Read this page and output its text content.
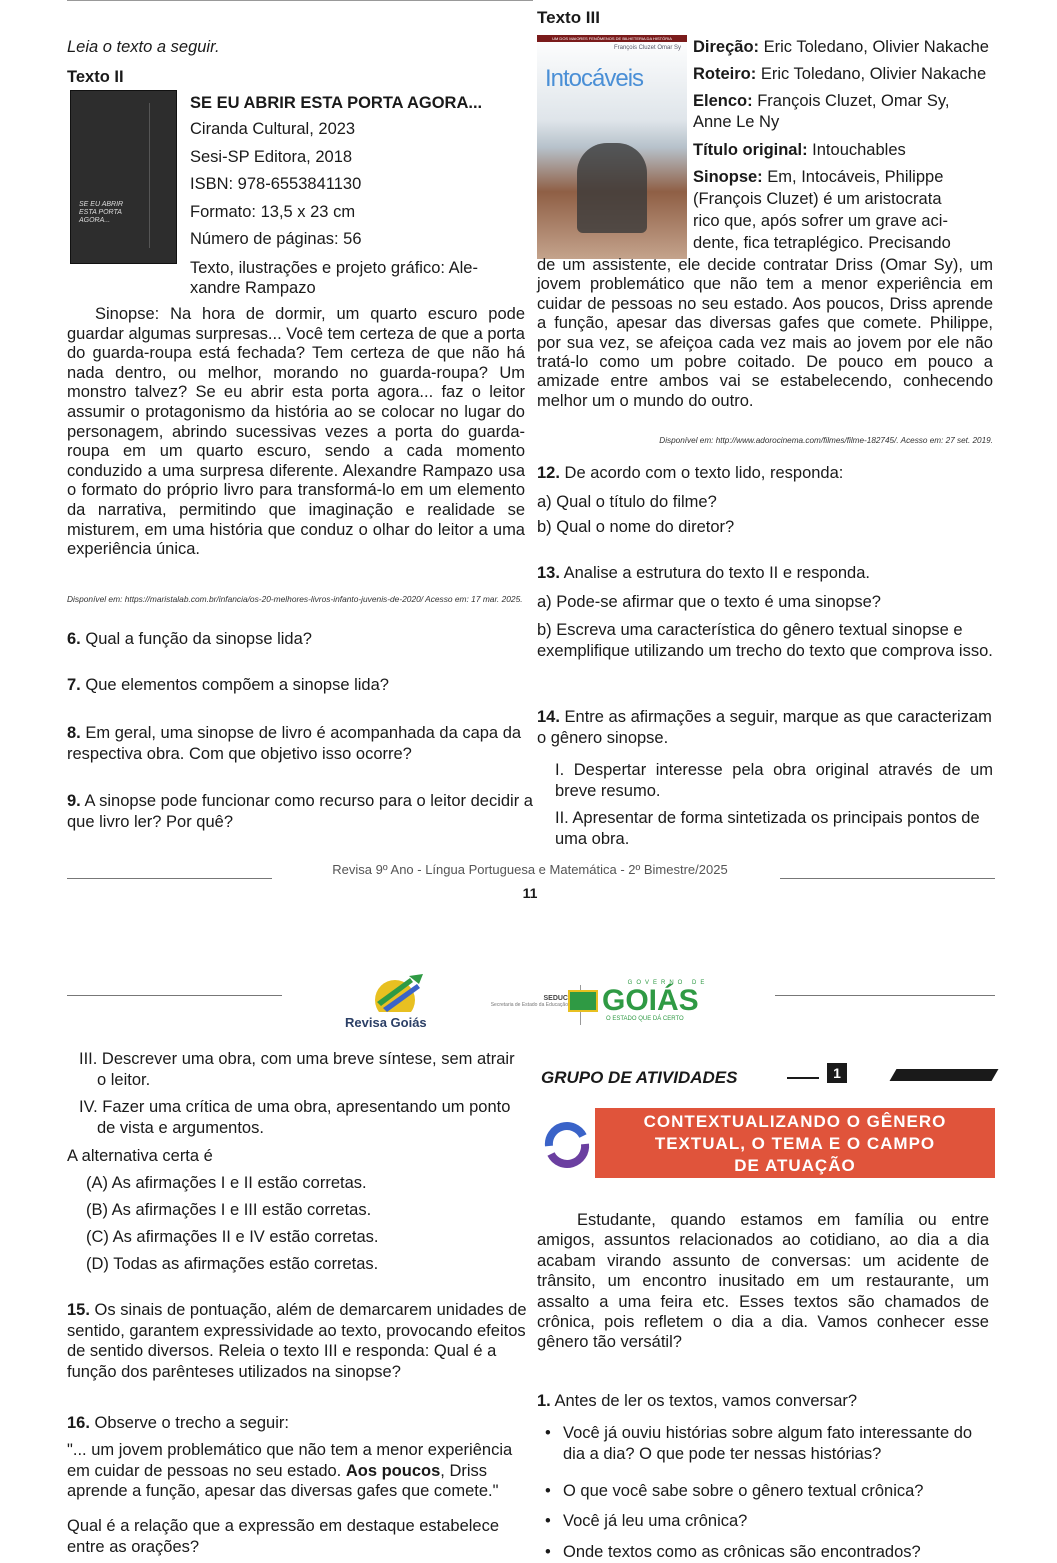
Texto III
Leia o texto a seguir.
Texto II
SE EU ABRIR ESTA PORTA AGORA...
SE EU ABRIR ESTA PORTA AGORA...
Ciranda Cultural, 2023
Sesi-SP Editora, 2018
ISBN: 978-6553841130
Formato: 13,5 x 23 cm
Número de páginas: 56
Texto, ilustrações e projeto gráfico: Ale-
xandre Rampazo

Sinopse: Na hora de dormir, um quarto escuro pode guardar algumas surpresas... Você tem certeza de que a porta do guarda-roupa está fechada? Tem certeza de que não há nada dentro, ou melhor, morando no guarda-roupa? Um monstro talvez? Se eu abrir esta porta agora... faz o leitor assumir o protagonismo da história ao se colocar no lugar do personagem, abrindo sucessivas vezes a porta do guarda-roupa em um quarto escuro, sendo a cada momento conduzido a uma surpresa diferente. Alexandre Rampazo usa o formato do próprio livro para transformá-lo em um elemento da narrativa, permitindo que imaginação e realidade se misturem, em uma história que conduz o olhar do leitor a uma experiência única.

Disponível em: https://maristalab.com.br/infancia/os-20-melhores-livros-infanto-juvenis-de-2020/ Acesso em: 17 mar. 2025.
6. Qual a função da sinopse lida?
7. Que elementos compõem a sinopse lida?
8. Em geral, uma sinopse de livro é acompanhada da capa da respectiva obra. Com que objetivo isso ocorre?
9. A sinopse pode funcionar como recurso para o leitor decidir a que livro ler? Por quê?
UM DOS MAIORES FENÔMENOS DE BILHETERIA DA HISTÓRIA
François Cluzet Omar Sy
Intocáveis
Direção: Eric Toledano, Olivier Nakache
Roteiro: Eric Toledano, Olivier Nakache
Elenco: François Cluzet, Omar Sy,
Anne Le Ny
Título original: Intouchables
Sinopse: Em, Intocáveis, Philippe
(François Cluzet) é um aristocrata
rico que, após sofrer um grave aci-
dente, fica tetraplégico. Precisando

de um assistente, ele decide contratar Driss (Omar Sy), um jovem problemático que não tem a menor experiência em cuidar de pessoas no seu estado. Aos poucos, Driss aprende a função, apesar das diversas gafes que comete. Philippe, por sua vez, se afeiçoa cada vez mais ao jovem por ele não tratá-lo como um pobre coitado. De pouco em pouco a amizade entre ambos vai se estabelecendo, conhecendo melhor um o mundo do outro.

Disponível em: http://www.adorocinema.com/filmes/filme-182745/. Acesso em: 27 set. 2019.
12. De acordo com o texto lido, responda:
a) Qual o título do filme?
b) Qual o nome do diretor?
13. Analise a estrutura do texto II e responda.
a) Pode-se afirmar que o texto é uma sinopse?
b) Escreva uma característica do gênero textual sinopse e exemplifique utilizando um trecho do texto que comprova isso.
14. Entre as afirmações a seguir, marque as que caracterizam o gênero sinopse.
I. Despertar interesse pela obra original através de um breve resumo.
II. Apresentar de forma sintetizada os principais pontos de uma obra.
Revisa 9º Ano - Língua Portuguesa e Matemática - 2º Bimestre/2025
11
Revisa Goiás
SEDUC
Secretaria de Estado da Educação
GOVERNO DE
GOIÁS
O ESTADO QUE DÁ CERTO
III. Descrever uma obra, com uma breve síntese, sem atrair o leitor.
IV. Fazer uma crítica de uma obra, apresentando um ponto de vista e argumentos.
A alternativa certa é
(A) As afirmações I e II estão corretas.
(B) As afirmações I e III estão corretas.
(C) As afirmações II e IV estão corretas.
(D) Todas as afirmações estão corretas.
15. Os sinais de pontuação, além de demarcarem unidades de sentido, garantem expressividade ao texto, provocando efeitos de sentido diversos. Releia o texto III e responda: Qual é a função dos parênteses utilizados na sinopse?
16. Observe o trecho a seguir:
"... um jovem problemático que não tem a menor experiência em cuidar de pessoas no seu estado. Aos poucos, Driss aprende a função, apesar das diversas gafes que comete."
Qual é a relação que a expressão em destaque estabelece entre as orações?
GRUPO DE ATIVIDADES	1
CONTEXTUALIZANDO O GÊNERO
TEXTUAL, O TEMA E O CAMPO
DE ATUAÇÃO

Estudante, quando estamos em família ou entre amigos, assuntos relacionados ao cotidiano, ao dia a dia acabam virando assunto de conversas: um acidente de trânsito, um encontro inusitado em um restaurante, um assalto a uma feira etc. Esses textos são chamados de crônica, pois refletem o dia a dia. Vamos conhecer esse gênero tão versátil?

1. Antes de ler os textos, vamos conversar?
• Você já ouviu histórias sobre algum fato interessante do dia a dia? O que pode ter nessas histórias?
• O que você sabe sobre o gênero textual crônica?
• Você já leu uma crônica?
• Onde textos como as crônicas são encontrados?
